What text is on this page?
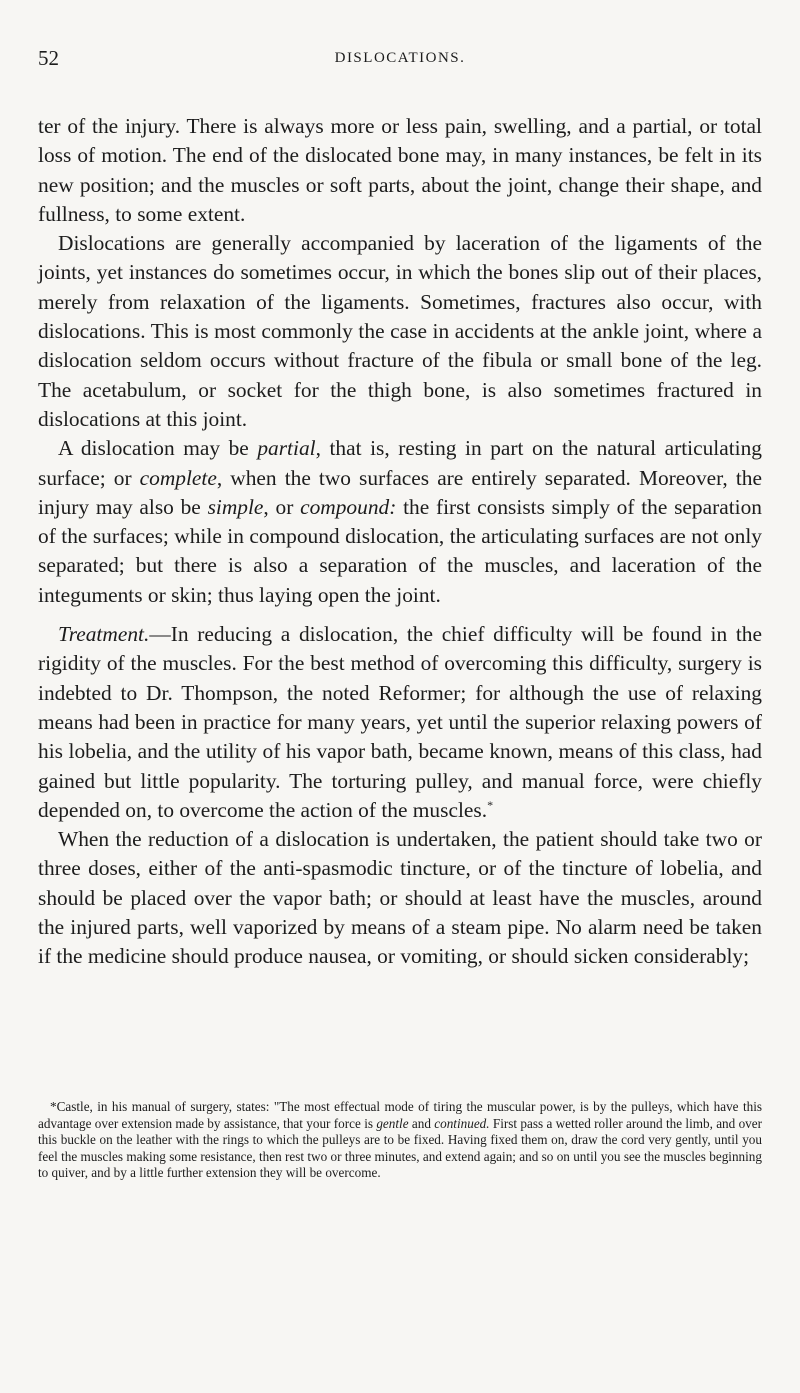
52	DISLOCATIONS.

ter of the injury. There is always more or less pain, swelling, and a partial, or total loss of motion. The end of the dislocated bone may, in many instances, be felt in its new position; and the muscles or soft parts, about the joint, change their shape, and fullness, to some extent.

Dislocations are generally accompanied by laceration of the ligaments of the joints, yet instances do sometimes occur, in which the bones slip out of their places, merely from relaxation of the ligaments. Sometimes, fractures also occur, with dislocations. This is most commonly the case in accidents at the ankle joint, where a dislocation seldom occurs without fracture of the fibula or small bone of the leg. The acetabulum, or socket for the thigh bone, is also sometimes fractured in dislocations at this joint.

A dislocation may be partial, that is, resting in part on the natural articulating surface; or complete, when the two surfaces are entirely separated. Moreover, the injury may also be simple, or compound: the first consists simply of the separation of the surfaces; while in compound dislocation, the articulating surfaces are not only separated; but there is also a separation of the muscles, and laceration of the integuments or skin; thus laying open the joint.

Treatment.—In reducing a dislocation, the chief difficulty will be found in the rigidity of the muscles. For the best method of overcoming this difficulty, surgery is indebted to Dr. Thompson, the noted Reformer; for although the use of relaxing means had been in practice for many years, yet until the superior relaxing powers of his lobelia, and the utility of his vapor bath, became known, means of this class, had gained but little popularity. The torturing pulley, and manual force, were chiefly depended on, to overcome the action of the muscles.*

When the reduction of a dislocation is undertaken, the patient should take two or three doses, either of the anti-spasmodic tincture, or of the tincture of lobelia, and should be placed over the vapor bath; or should at least have the muscles, around the injured parts, well vaporized by means of a steam pipe. No alarm need be taken if the medicine should produce nausea, or vomiting, or should sicken considerably;

*Castle, in his manual of surgery, states: "The most effectual mode of tiring the muscular power, is by the pulleys, which have this advantage over extension made by assistance, that your force is gentle and continued. First pass a wetted roller around the limb, and over this buckle on the leather with the rings to which the pulleys are to be fixed. Having fixed them on, draw the cord very gently, until you feel the muscles making some resistance, then rest two or three minutes, and extend again; and so on until you see the muscles beginning to quiver, and by a little further extension they will be overcome.
